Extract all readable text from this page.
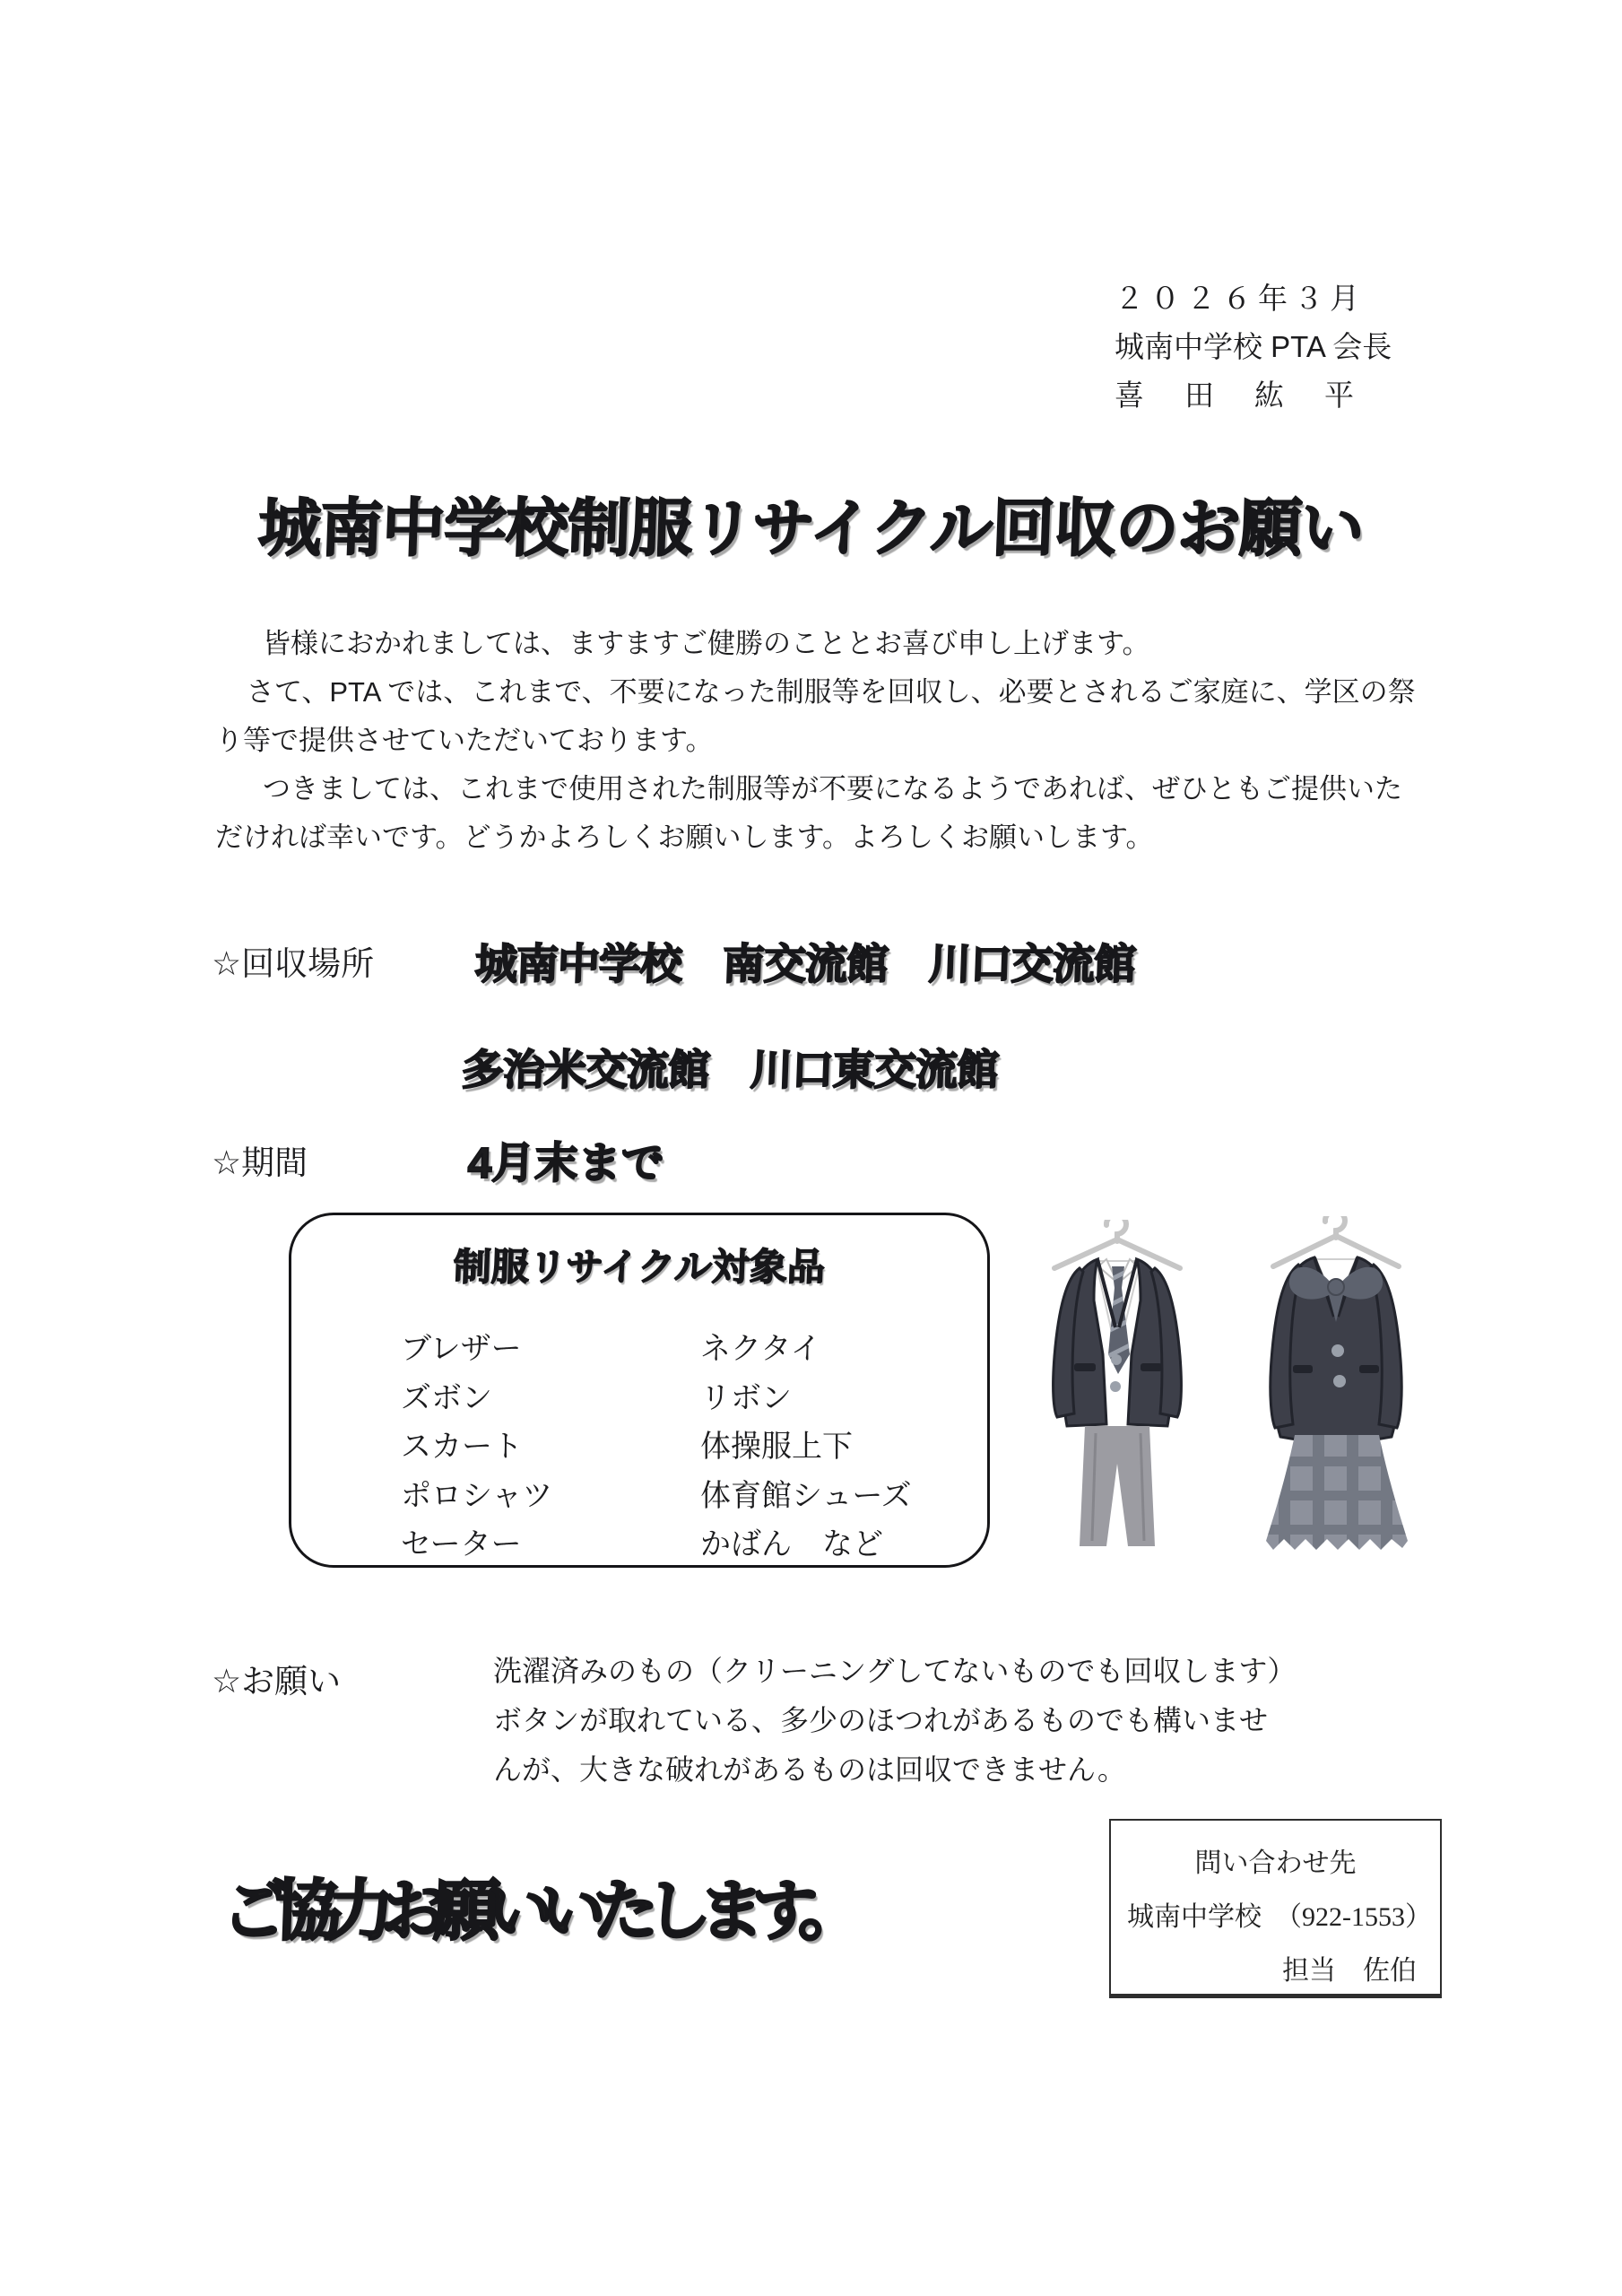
２０２６年３月
城南中学校 PTA 会長
喜　田　紘　平
城南中学校制服リサイクル回収のお願い

皆様におかれましては、ますますご健勝のこととお喜び申し上げます。

さて、PTA では、これまで、不要になった制服等を回収し、必要とされるご家庭に、学区の祭

り等で提供させていただいております。

つきましては、これまで使用された制服等が不要になるようであれば、ぜひともご提供いた

だければ幸いです。どうかよろしくお願いします。よろしくお願いします。

☆回収場所 城南中学校　南交流館　川口交流館
多治米交流館　川口東交流館
☆期間	4月末まで
制服リサイクル対象品
ブレザー	ネクタイ
ズボン	リボン
スカート	体操服上下
ポロシャツ	体育館シューズ
セーター	かばん　など
☆お願い	洗濯済みのもの（クリーニングしてないものでも回収します）

ボタンが取れている、多少のほつれがあるものでも構いませ

んが、大きな破れがあるものは回収できません。

ご協力お願いいたします。

問い合わせ先
城南中学校　（922-1553）
担当　佐伯
